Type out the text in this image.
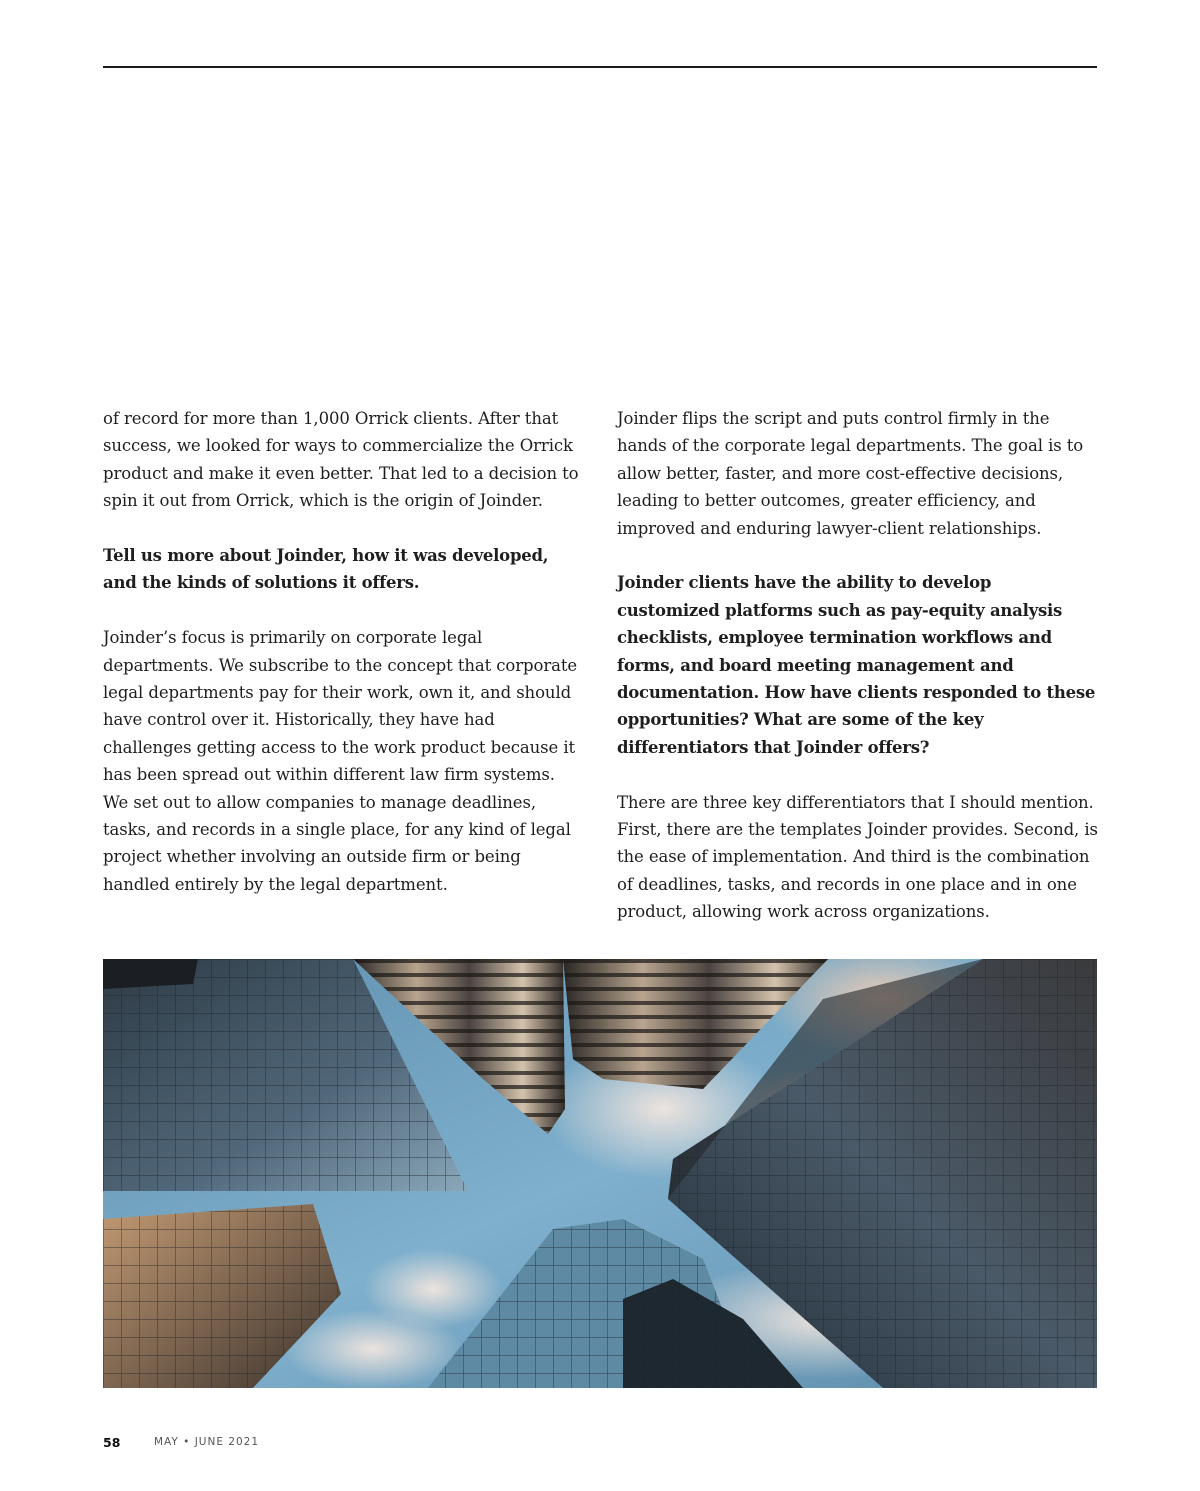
of record for more than 1,000 Orrick clients. After that success, we looked for ways to commercialize the Orrick product and make it even better. That led to a decision to spin it out from Orrick, which is the origin of Joinder.

Tell us more about Joinder, how it was developed, and the kinds of solutions it offers.

Joinder’s focus is primarily on corporate legal departments. We subscribe to the concept that corporate legal departments pay for their work, own it, and should have control over it. Historically, they have had challenges getting access to the work product because it has been spread out within different law firm systems. We set out to allow companies to manage deadlines, tasks, and records in a single place, for any kind of legal project whether involving an outside firm or being handled entirely by the legal department.

Joinder flips the script and puts control firmly in the hands of the corporate legal departments. The goal is to allow better, faster, and more cost-effective decisions, leading to better outcomes, greater efficiency, and improved and enduring lawyer-client relationships.

Joinder clients have the ability to develop customized platforms such as pay-equity analysis checklists, employee termination workflows and forms, and board meeting management and documentation. How have clients responded to these opportunities? What are some of the key differentiators that Joinder offers?

There are three key differentiators that I should mention. First, there are the templates Joinder provides. Second, is the ease of implementation. And third is the combination of deadlines, tasks, and records in one place and in one product, allowing work across organizations.

58	MAY • JUNE 2021
